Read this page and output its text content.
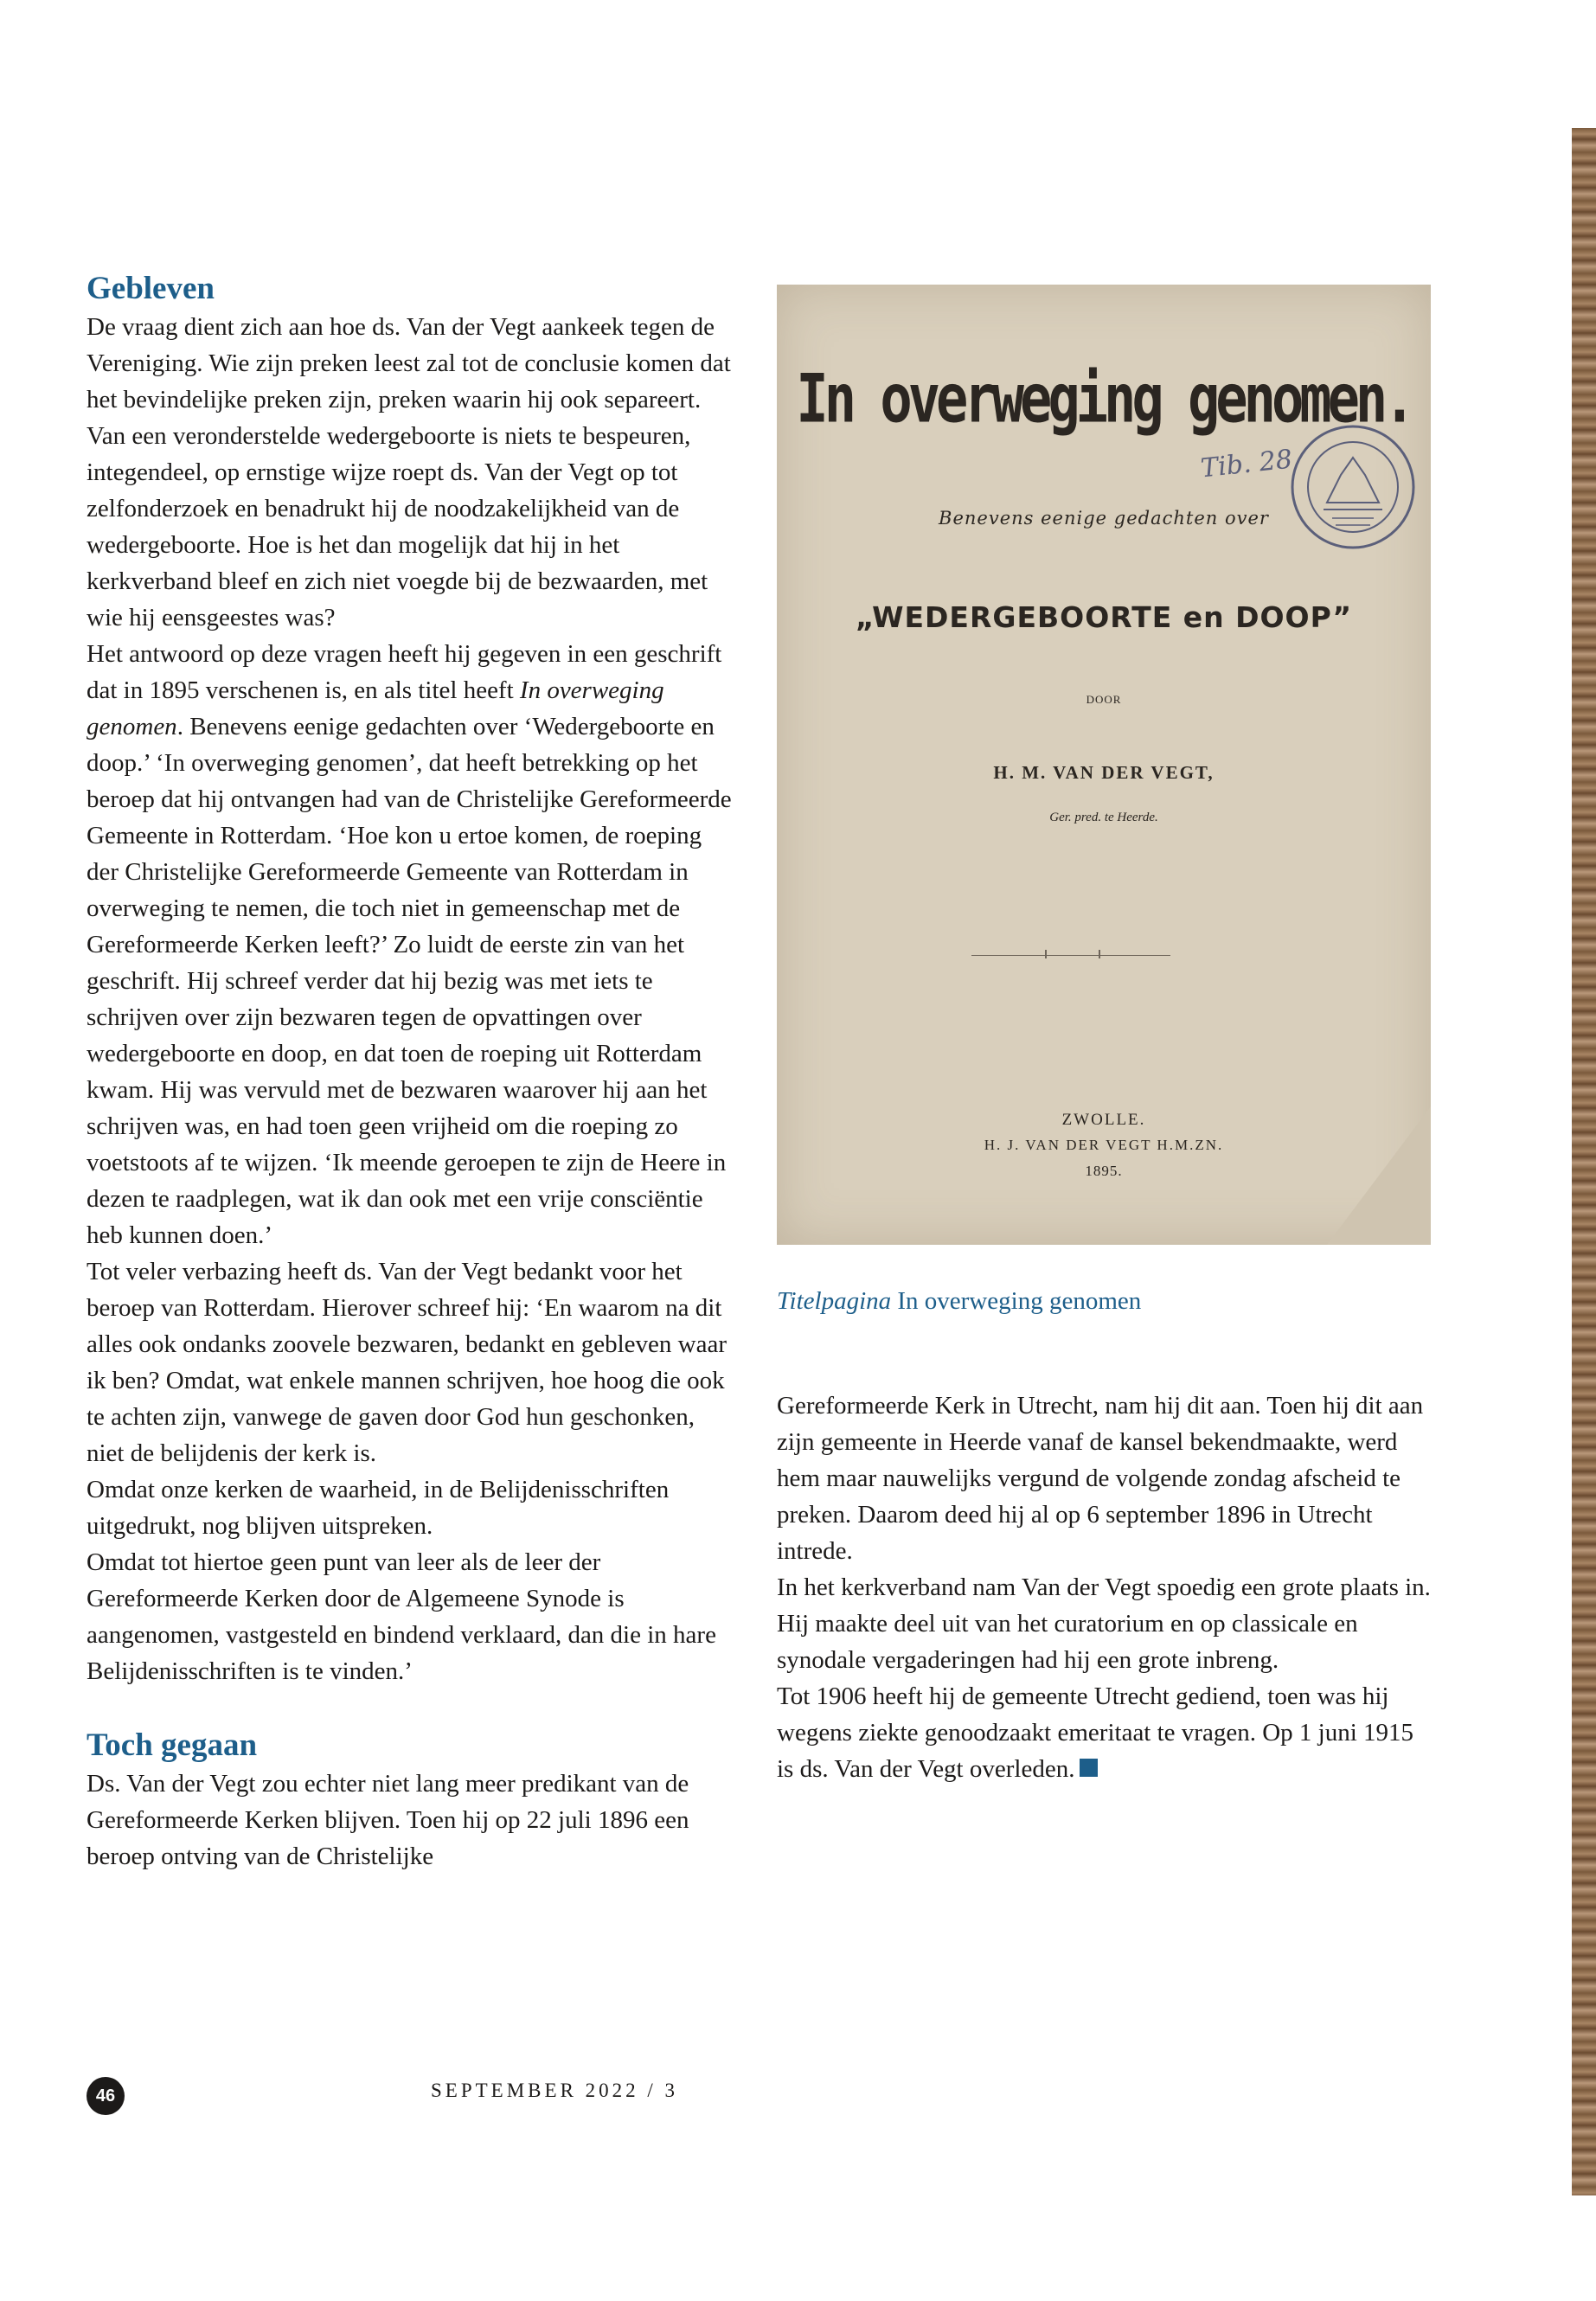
Gebleven

De vraag dient zich aan hoe ds. Van der Vegt aankeek tegen de Vereniging. Wie zijn preken leest zal tot de conclusie komen dat het bevindelijke preken zijn, preken waarin hij ook separeert. Van een veronderstelde wedergeboorte is niets te bespeuren, integendeel, op ernstige wijze roept ds. Van der Vegt op tot zelfonderzoek en benadrukt hij de noodzakelijkheid van de wedergeboorte. Hoe is het dan mogelijk dat hij in het kerkverband bleef en zich niet voegde bij de bezwaarden, met wie hij eensgeestes was?

Het antwoord op deze vragen heeft hij gegeven in een geschrift dat in 1895 verschenen is, en als titel heeft In overweging genomen. Benevens eenige gedachten over ‘Wedergeboorte en doop.’ ‘In overweging genomen’, dat heeft betrekking op het beroep dat hij ontvangen had van de Christelijke Gereformeerde Gemeente in Rotterdam. ‘Hoe kon u ertoe komen, de roeping der Christelijke Gereformeerde Gemeente van Rotterdam in overweging te nemen, die toch niet in gemeenschap met de Gereformeerde Kerken leeft?’ Zo luidt de eerste zin van het geschrift. Hij schreef verder dat hij bezig was met iets te schrijven over zijn bezwaren tegen de opvattingen over wedergeboorte en doop, en dat toen de roeping uit Rotterdam kwam. Hij was vervuld met de bezwaren waarover hij aan het schrijven was, en had toen geen vrijheid om die roeping zo voetstoots af te wijzen. ‘Ik meende geroepen te zijn de Heere in dezen te raadplegen, wat ik dan ook met een vrije consciëntie heb kunnen doen.’

Tot veler verbazing heeft ds. Van der Vegt bedankt voor het beroep van Rotterdam. Hierover schreef hij: ‘En waarom na dit alles ook ondanks zoovele bezwaren, bedankt en gebleven waar ik ben? Omdat, wat enkele mannen schrijven, hoe hoog die ook te achten zijn, vanwege de gaven door God hun geschonken, niet de belijdenis der kerk is.

Omdat onze kerken de waarheid, in de Belijdenisschriften uitgedrukt, nog blijven uitspreken.

Omdat tot hiertoe geen punt van leer als de leer der Gereformeerde Kerken door de Algemeene Synode is aangenomen, vastgesteld en bindend verklaard, dan die in hare Belijdenisschriften is te vinden.’

Toch gegaan

Ds. Van der Vegt zou echter niet lang meer predikant van de Gereformeerde Kerken blijven. Toen hij op 22 juli 1896 een beroep ontving van de Christelijke

In overweging genomen.
Benevens eenige gedachten over
„WEDERGEBOORTE en DOOP”
DOOR
H. M. VAN DER VEGT,
Ger. pred. te Heerde.
ZWOLLE.
H. J. VAN DER VEGT H.M.ZN.
1895.
Tib. 28

Titelpagina In overweging genomen

Gereformeerde Kerk in Utrecht, nam hij dit aan. Toen hij dit aan zijn gemeente in Heerde vanaf de kansel bekendmaakte, werd hem maar nauwelijks vergund de volgende zondag afscheid te preken. Daarom deed hij al op 6 september 1896 in Utrecht intrede.

In het kerkverband nam Van der Vegt spoedig een grote plaats in. Hij maakte deel uit van het curatorium en op classicale en synodale vergaderingen had hij een grote inbreng.

Tot 1906 heeft hij de gemeente Utrecht gediend, toen was hij wegens ziekte genoodzaakt emeritaat te vragen. Op 1 juni 1915 is ds. Van der Vegt overleden.

46	SEPTEMBER 2022 / 3
